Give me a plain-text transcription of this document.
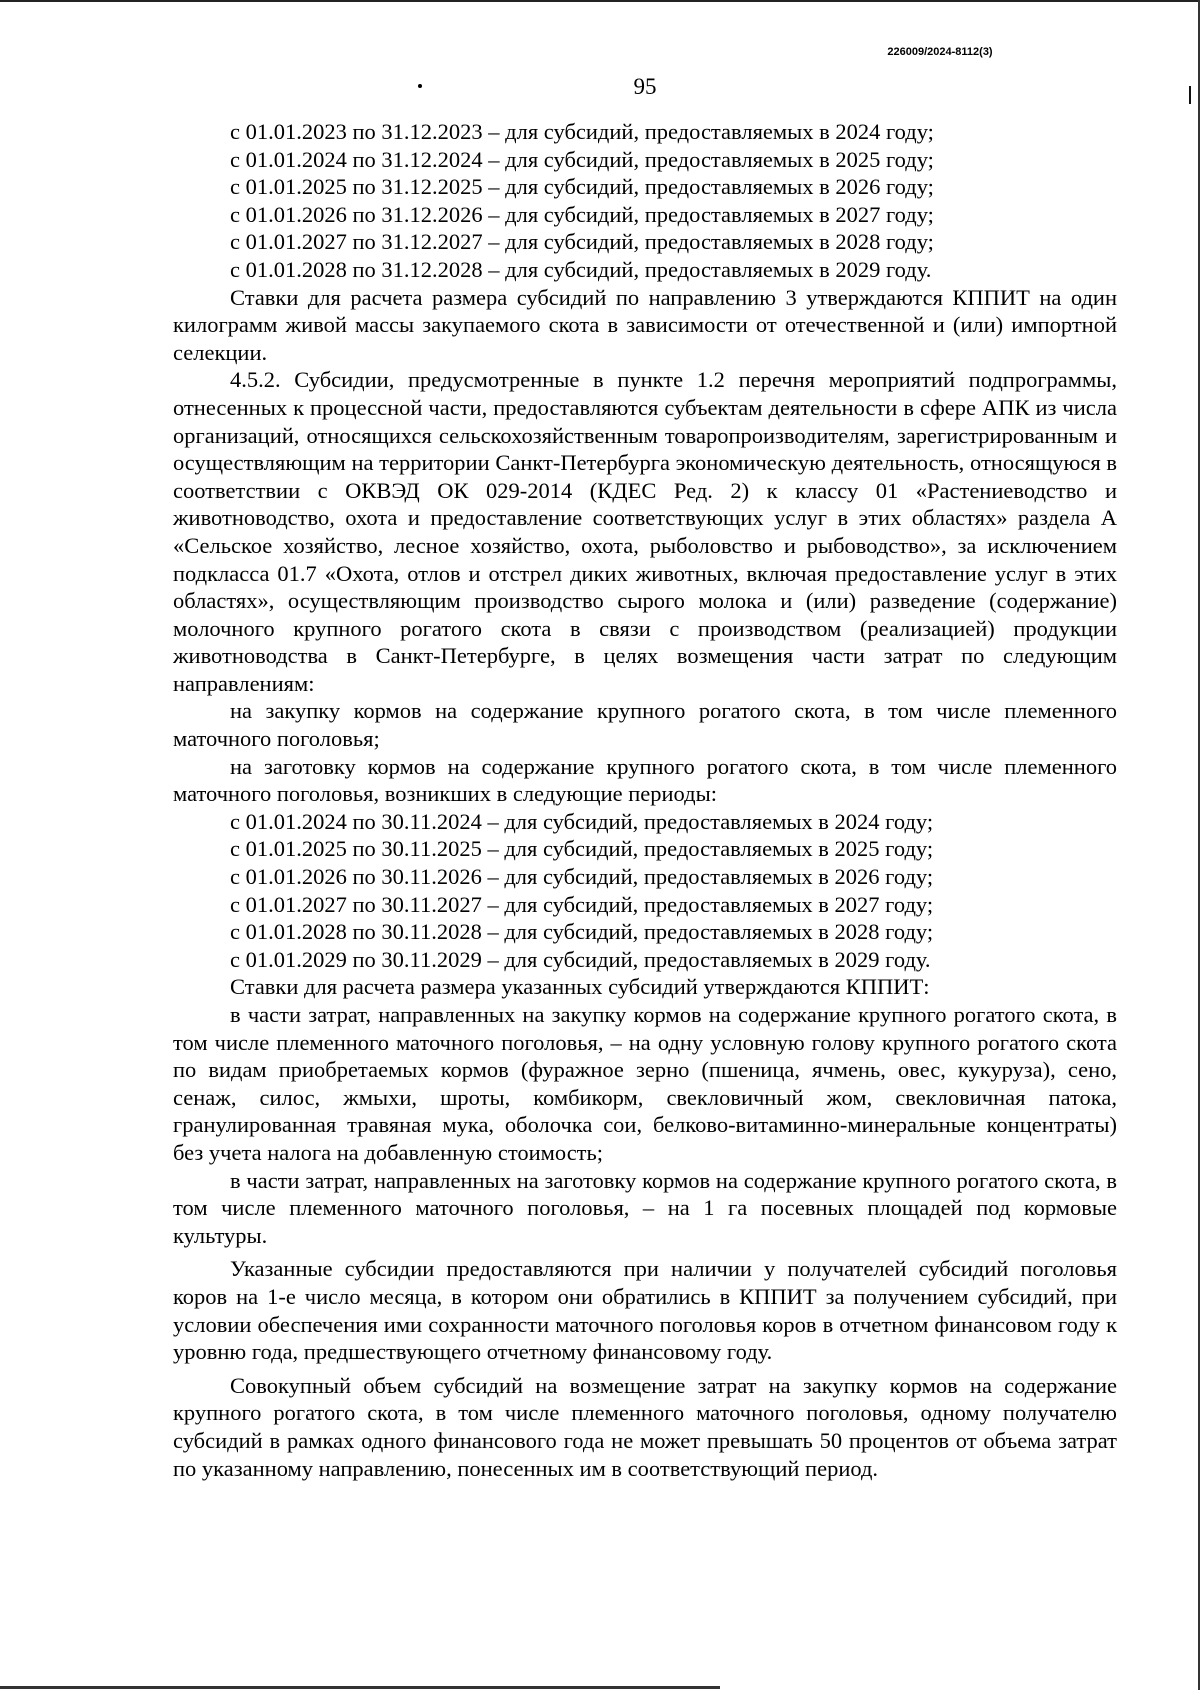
226009/2024-8112(3)
95

с 01.01.2023 по 31.12.2023 – для субсидий, предоставляемых в 2024 году;

с 01.01.2024 по 31.12.2024 – для субсидий, предоставляемых в 2025 году;

с 01.01.2025 по 31.12.2025 – для субсидий, предоставляемых в 2026 году;

с 01.01.2026 по 31.12.2026 – для субсидий, предоставляемых в 2027 году;

с 01.01.2027 по 31.12.2027 – для субсидий, предоставляемых в 2028 году;

с 01.01.2028 по 31.12.2028 – для субсидий, предоставляемых в 2029 году.

Ставки для расчета размера субсидий по направлению 3 утверждаются КППИТ на один килограмм живой массы закупаемого скота в зависимости от отечественной и (или) импортной селекции.

4.5.2. Субсидии, предусмотренные в пункте 1.2 перечня мероприятий подпрограммы, отнесенных к процессной части, предоставляются субъектам деятельности в сфере АПК из числа организаций, относящихся сельскохозяйственным товаропроизводителям, зарегистрированным и осуществляющим на территории Санкт-Петербурга экономическую деятельность, относящуюся в соответствии с ОКВЭД ОК 029-2014 (КДЕС Ред. 2) к классу 01 «Растениеводство и животноводство, охота и предоставление соответствующих услуг в этих областях» раздела А «Сельское хозяйство, лесное хозяйство, охота, рыболовство и рыбоводство», за исключением подкласса 01.7 «Охота, отлов и отстрел диких животных, включая предоставление услуг в этих областях», осуществляющим производство сырого молока и (или) разведение (содержание) молочного крупного рогатого скота в связи с производством (реализацией) продукции животноводства в Санкт-Петербурге, в целях возмещения части затрат по следующим направлениям:

на закупку кормов на содержание крупного рогатого скота, в том числе племенного маточного поголовья;

на заготовку кормов на содержание крупного рогатого скота, в том числе племенного маточного поголовья, возникших в следующие периоды:

с 01.01.2024 по 30.11.2024 – для субсидий, предоставляемых в 2024 году;

с 01.01.2025 по 30.11.2025 – для субсидий, предоставляемых в 2025 году;

с 01.01.2026 по 30.11.2026 – для субсидий, предоставляемых в 2026 году;

с 01.01.2027 по 30.11.2027 – для субсидий, предоставляемых в 2027 году;

с 01.01.2028 по 30.11.2028 – для субсидий, предоставляемых в 2028 году;

с 01.01.2029 по 30.11.2029 – для субсидий, предоставляемых в 2029 году.

Ставки для расчета размера указанных субсидий утверждаются КППИТ:

в части затрат, направленных на закупку кормов на содержание крупного рогатого скота, в том числе племенного маточного поголовья, – на одну условную голову крупного рогатого скота по видам приобретаемых кормов (фуражное зерно (пшеница, ячмень, овес, кукуруза), сено, сенаж, силос, жмыхи, шроты, комбикорм, свекловичный жом, свекловичная патока, гранулированная травяная мука, оболочка сои, белково-витаминно-минеральные концентраты) без учета налога на добавленную стоимость;

в части затрат, направленных на заготовку кормов на содержание крупного рогатого скота, в том числе племенного маточного поголовья, – на 1 га посевных площадей под кормовые культуры.

Указанные субсидии предоставляются при наличии у получателей субсидий поголовья коров на 1-е число месяца, в котором они обратились в КППИТ за получением субсидий, при условии обеспечения ими сохранности маточного поголовья коров в отчетном финансовом году к уровню года, предшествующего отчетному финансовому году.

Совокупный объем субсидий на возмещение затрат на закупку кормов на содержание крупного рогатого скота, в том числе племенного маточного поголовья, одному получателю субсидий в рамках одного финансового года не может превышать 50 процентов от объема затрат по указанному направлению, понесенных им в соответствующий период.
